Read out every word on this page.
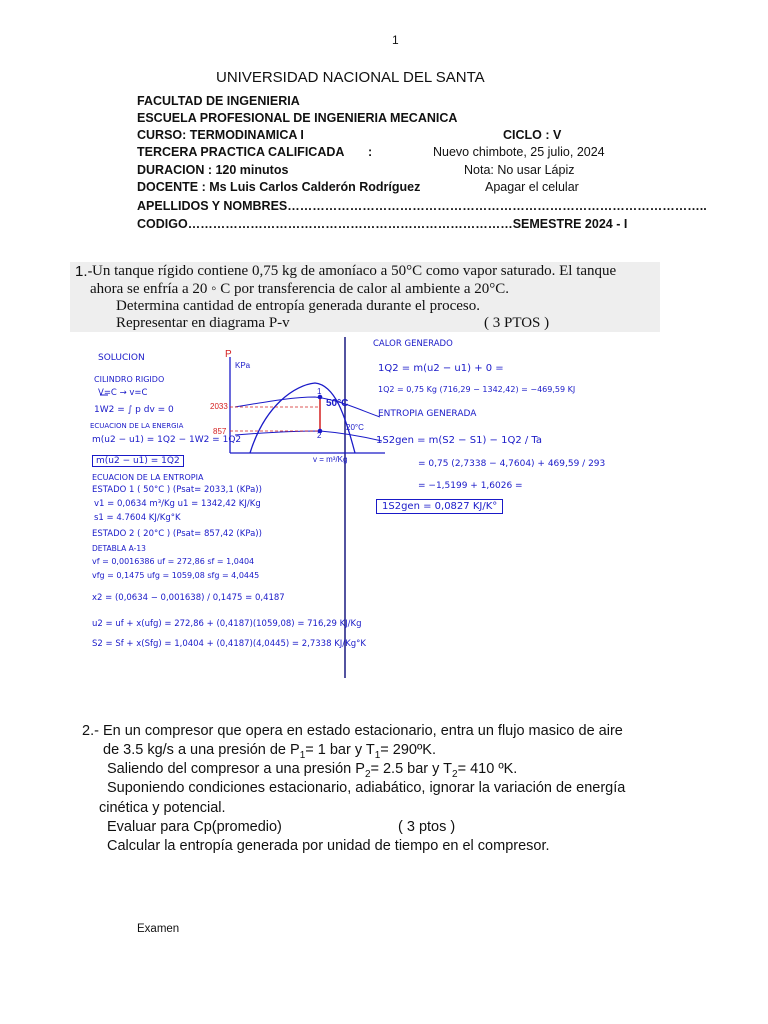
1
UNIVERSIDAD NACIONAL DEL SANTA
FACULTAD DE INGENIERIA
ESCUELA PROFESIONAL DE INGENIERIA MECANICA
CURSO: TERMODINAMICA I	CICLO : V
TERCERA PRACTICA CALIFICADA :	Nuevo chimbote, 25 julio, 2024
DURACION : 120 minutos	Nota: No usar Lápiz
DOCENTE : Ms Luis Carlos Calderón Rodríguez	Apagar el celular
APELLIDOS Y NOMBRES………………………………………………………………………………………..
CODIGO……………………………………………………………………SEMESTRE 2024 - I
1.- Un tanque rígido contiene 0,75 kg de amoníaco a 50°C como vapor saturado. El tanque
ahora se enfría a 20 ◦ C por transferencia de calor al ambiente a 20°C.
Determina cantidad de entropía generada durante el proceso.
Representar en diagrama P-v	( 3 PTOS )
P
KPa
v = m³/Kg
50°C
20°C
2033
857
1
2
SOLUCION
CILINDRO RIGIDO
V=C → v=C
1W2 = ∫ p dv = 0
ECUACION DE LA ENERGIA
m(u2 − u1) = 1Q2 − 1W2 = 1Q2
m(u2 − u1) = 1Q2
ECUACION DE LA ENTROPIA
ESTADO 1 ( 50°C ) (Psat= 2033,1 (KPa))
v1 = 0,0634 m³/Kg u1 = 1342,42 KJ/Kg
s1 = 4.7604 KJ/Kg°K
ESTADO 2 ( 20°C ) (Psat= 857,42 (KPa))
DETABLA A-13
vf = 0,0016386 uf = 272,86 sf = 1,0404
vfg = 0,1475 ufg = 1059,08 sfg = 4,0445
x2 = (0,0634 − 0,001638) / 0,1475 = 0,4187
u2 = uf + x(ufg) = 272,86 + (0,4187)(1059,08) = 716,29 KJ/Kg
S2 = Sf + x(Sfg) = 1,0404 + (0,4187)(4,0445) = 2,7338 KJ/Kg°K
CALOR GENERADO
1Q2 = m(u2 − u1) + 0 =
1Q2 = 0,75 Kg (716,29 − 1342,42) = −469,59 KJ
ENTROPIA GENERADA
1S2gen = m(S2 − S1) − 1Q2 / Ta
= 0,75 (2,7338 − 4,7604) + 469,59 / 293
= −1,5199 + 1,6026 =
1S2gen = 0,0827 KJ/K°
2.- En un compresor que opera en estado estacionario, entra un flujo masico de aire
de 3.5 kg/s a una presión de $P_1= 1$ bar y $T_1=$ 290ºK.
Saliendo del compresor a una presión $P_2= 2.5$ bar y $T_2= 410$ ºK.
Suponiendo condiciones estacionario, adiabático, ignorar la variación de energía
cinética y potencial.
Evaluar para Cp(promedio)	( 3 ptos )
Calcular la entropía generada por unidad de tiempo en el compresor.
Examen
